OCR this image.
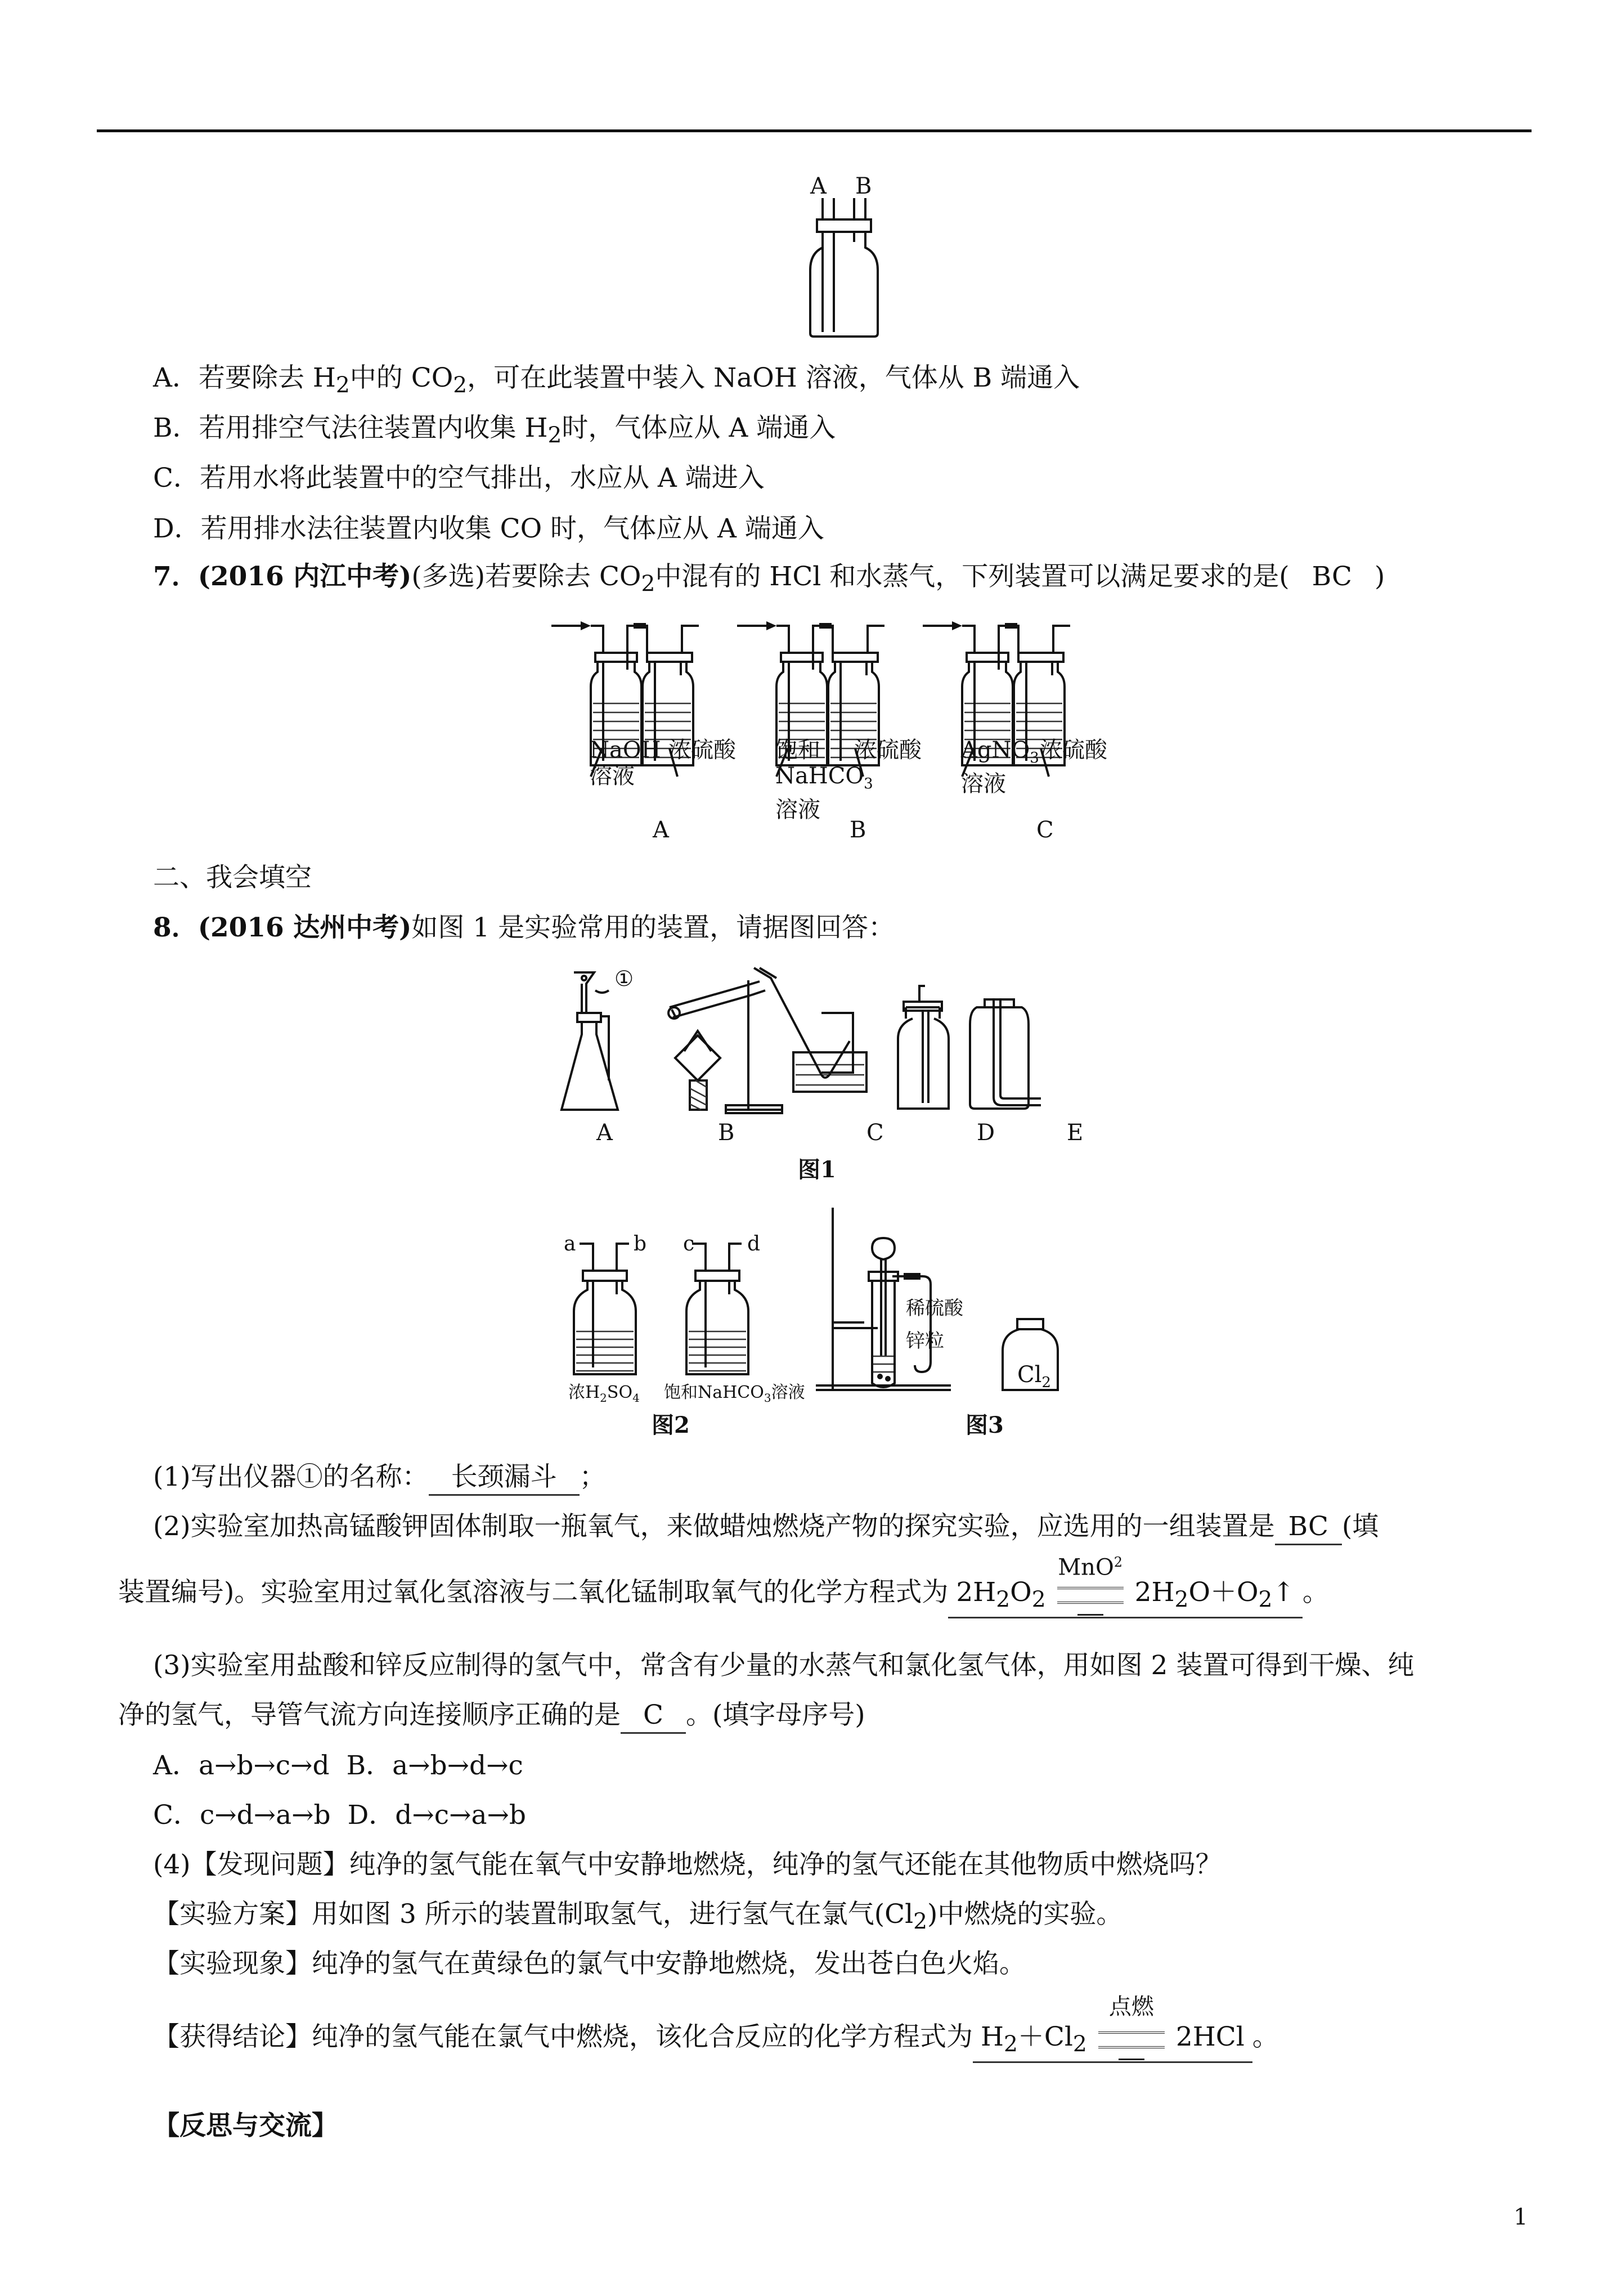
A B
A．若要除去 $H_2$中的 $CO_2$，可在此装置中装入 NaOH 溶液，气体从 B 端通入
B．若用排空气法往装置内收集 $H_2$时，气体应从 A 端通入
C．若用水将此装置中的空气排出，水应从 A 端进入
D．若用排水法往装置内收集 CO 时，气体应从 A 端通入
7．(2016 内江中考)(多选)若要除去 $CO_2$中混有的 HCl 和水蒸气，下列装置可以满足要求的是( BC )
NaOH
溶液
浓硫酸 饱和
NaHCO$_3$
溶液
浓硫酸 AgNO$_3$
溶液
浓硫酸
A	B	C
二、我会填空
8．(2016 达州中考)如图 1 是实验常用的装置，请据图回答：
①
A	B	C	D	E
图1
a	b c	d
浓$H_2SO_4$ 饱和NaHCO$_3$溶液
图2
稀硫酸
锌粒
$Cl_2$
图3
(1)写出仪器①的名称： 长颈漏斗 ；
(2)实验室加热高锰酸钾固体制取一瓶氧气，来做蜡烛燃烧产物的探究实验，应选用的一组装置是 BC (填
装置编号)。实验室用过氧化氢溶液与二氧化锰制取氧气的化学方程式为 $2H_2O_2$
MnO$^2$
$2H_2O+O_2↑$ 。
(3)实验室用盐酸和锌反应制得的氢气中，常含有少量的水蒸气和氯化氢气体，用如图 2 装置可得到干燥、纯
净的氢气，导管气流方向连接顺序正确的是 C 。(填字母序号)
A．a→b→c→d B．a→b→d→c
C．c→d→a→b D．d→c→a→b
(4)【发现问题】纯净的氢气能在氧气中安静地燃烧，纯净的氢气还能在其他物质中燃烧吗？
【实验方案】用如图 3 所示的装置制取氢气，进行氢气在氯气$(Cl_2)$中燃烧的实验。
【实验现象】纯净的氢气在黄绿色的氯气中安静地燃烧，发出苍白色火焰。
【获得结论】纯净的氢气能在氯气中燃烧，该化合反应的化学方程式为 $H_2+Cl_2$
点燃
2HCl 。
【反思与交流】
1
